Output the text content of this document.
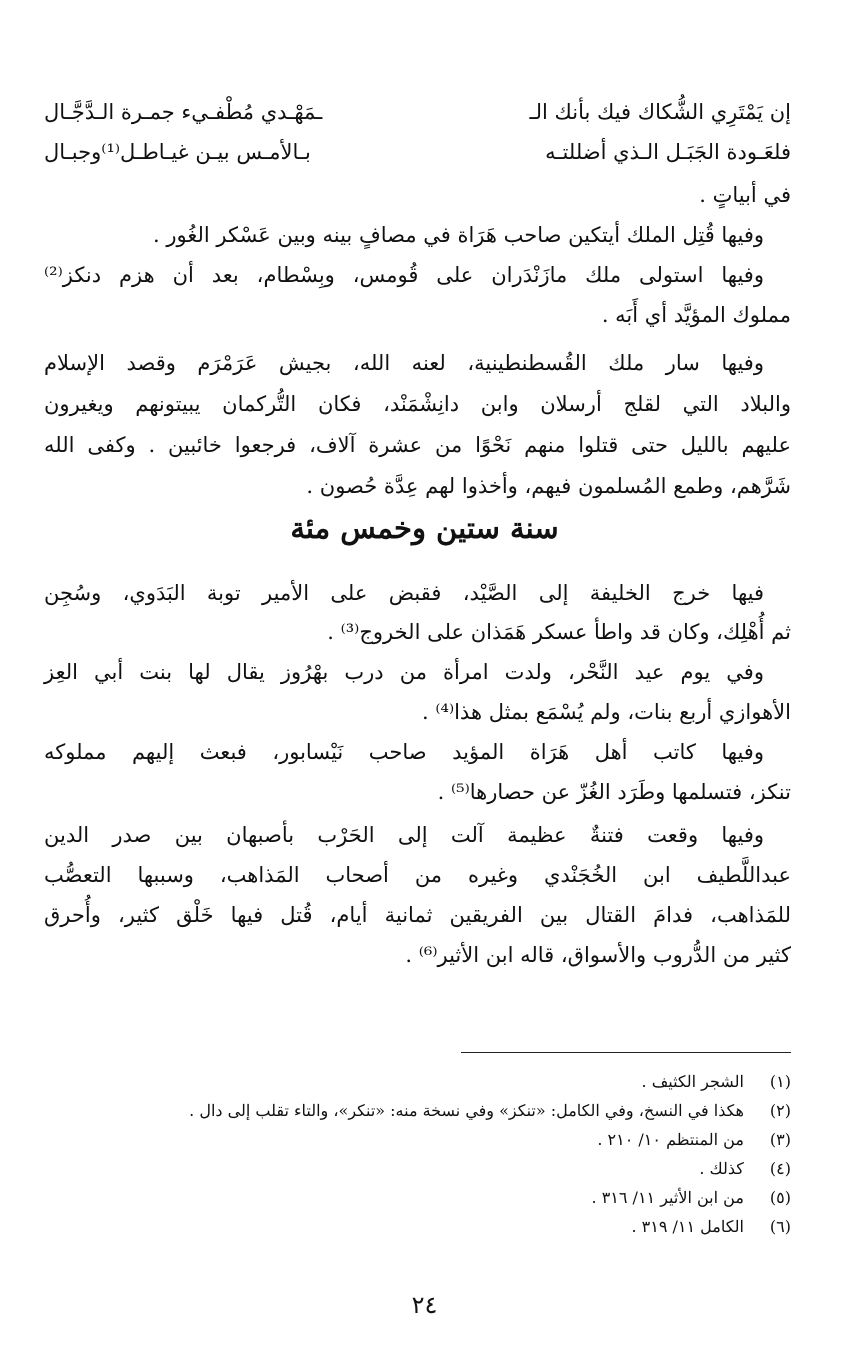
إن يَمْتَرِي الشُّكاك فيك بأنك الـ
ـمَهْـدي مُطْفـيء جمـرة الـدَّجَّـال
فلعَـودة الجَبَـل الـذي أضللتـه
بـالأمـس بيـن غيـاطـل⁽¹⁾وجبـال
في أبياتٍ .
وفيها قُتِل الملك أيتكين صاحب هَرَاة في مصافٍ بينه وبين عَسْكر الغُور .
وفيها استولى ملك مازَنْدَران على قُومس، وبِسْطام، بعد أن هزم دنكز⁽²⁾
مملوك المؤيَّد أي أَبَه .
وفيها سار ملك القُسطنطينية، لعنه الله، بجيش عَرَمْرَم وقصد الإسلام
والبلاد التي لقلج أرسلان وابن دانِشْمَنْد، فكان التُّركمان يبيتونهم ويغيرون
عليهم بالليل حتى قتلوا منهم نَحْوًا من عشرة آلاف، فرجعوا خائبين . وكفى الله
شَرَّهم، وطمع المُسلمون فيهم، وأخذوا لهم عِدَّة حُصون .
سنة ستين وخمس مئة
فيها خرج الخليفة إلى الصَّيْد، فقبض على الأمير توبة البَدَوي، وسُجِن
ثم أُهْلِك، وكان قد واطأ عسكر هَمَذان على الخروج⁽³⁾ .
وفي يوم عيد النَّحْر، ولدت امرأة من درب بهْرُوز يقال لها بنت أبي العِز
الأهوازي أربع بنات، ولم يُسْمَع بمثل هذا⁽⁴⁾ .
وفيها كاتب أهل هَرَاة المؤيد صاحب نَيْسابور، فبعث إليهم مملوكه
تنكز، فتسلمها وطَرَد الغُزّ عن حصارها⁽⁵⁾ .
وفيها وقعت فتنةٌ عظيمة آلت إلى الحَرْب بأصبهان بين صدر الدين
عبداللَّطيف ابن الخُجَنْدي وغيره من أصحاب المَذاهب، وسببها التعصُّب
للمَذاهب، فدامَ القتال بين الفريقين ثمانية أيام، قُتل فيها خَلْق كثير، وأُحرق
كثير من الدُّروب والأسواق، قاله ابن الأثير⁽⁶⁾ .
(١) الشجر الكثيف .
(٢) هكذا في النسخ، وفي الكامل: «تنكز» وفي نسخة منه: «تنكر»، والتاء تقلب إلى دال .
(٣) من المنتظم ١٠/ ٢١٠ .
(٤) كذلك .
(٥) من ابن الأثير ١١/ ٣١٦ .
(٦) الكامل ١١/ ٣١٩ .
٢٤
